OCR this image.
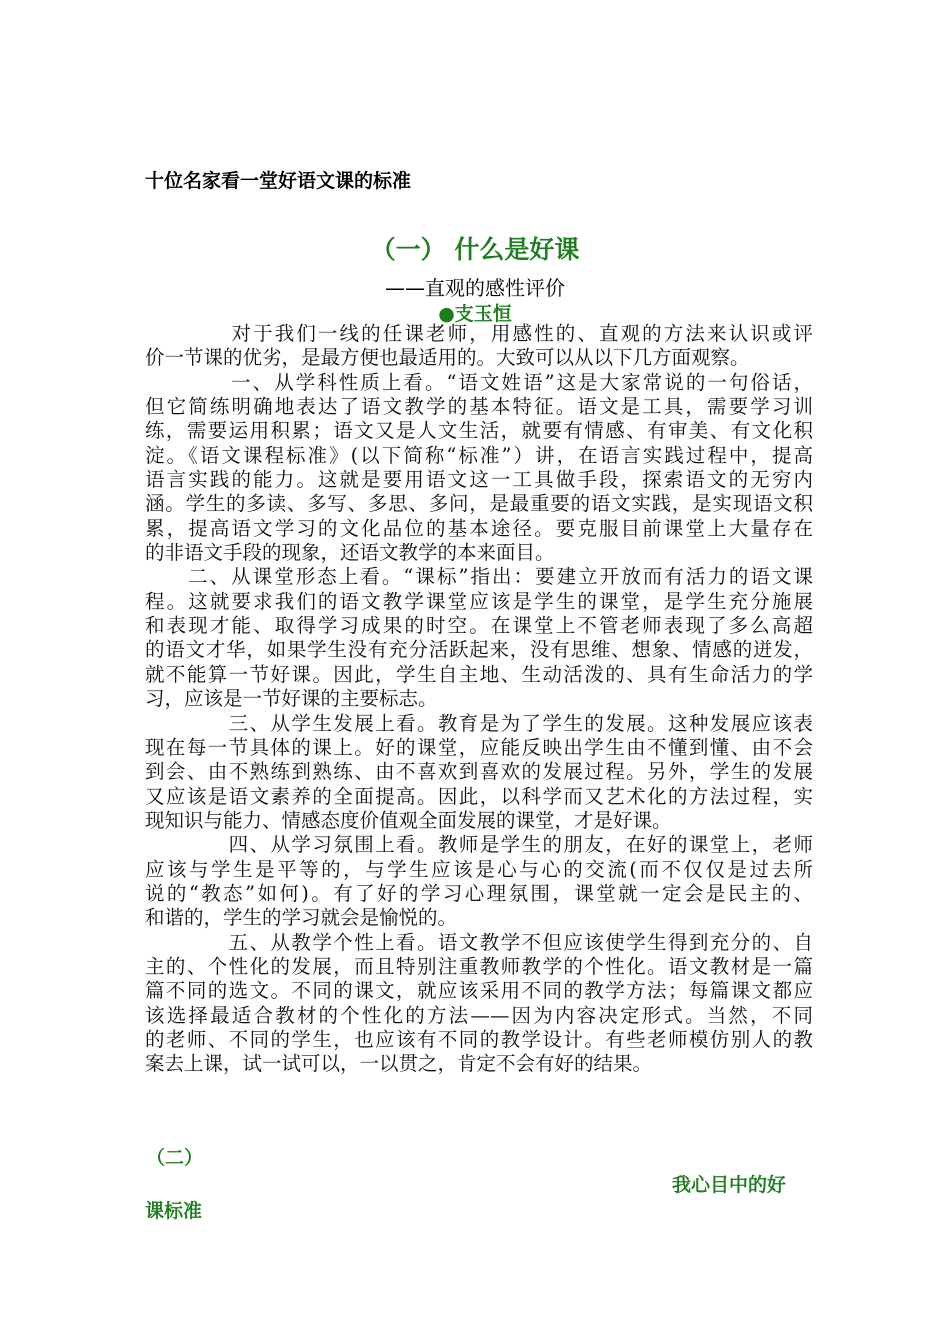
十位名家看一堂好语文课的标准
（一） 什么是好课
——直观的感性评价
●支玉恒
　　　　对于我们一线的任课老师，用感性的、直观的方法来认识或评
价一节课的优劣，是最方便也最适用的。大致可以从以下几方面观察。
　　　　一、从学科性质上看。“语文姓语”这是大家常说的一句俗话，
但它简练明确地表达了语文教学的基本特征。语文是工具，需要学习训
练，需要运用积累；语文又是人文生活，就要有情感、有审美、有文化积
淀。《语文课程标准》(以下简称“标准”）讲，在语言实践过程中，提高
语言实践的能力。这就是要用语文这一工具做手段，探索语文的无穷内
涵。学生的多读、多写、多思、多问，是最重要的语文实践，是实现语文积
累，提高语文学习的文化品位的基本途径。要克服目前课堂上大量存在
的非语文手段的现象，还语文教学的本来面目。
　　二、从课堂形态上看。“课标”指出：要建立开放而有活力的语文课
程。这就要求我们的语文教学课堂应该是学生的课堂，是学生充分施展
和表现才能、取得学习成果的时空。在课堂上不管老师表现了多么高超
的语文才华，如果学生没有充分活跃起来，没有思维、想象、情感的迸发，
就不能算一节好课。因此，学生自主地、生动活泼的、具有生命活力的学
习，应该是一节好课的主要标志。
　　　　三、从学生发展上看。教育是为了学生的发展。这种发展应该表
现在每一节具体的课上。好的课堂，应能反映出学生由不懂到懂、由不会
到会、由不熟练到熟练、由不喜欢到喜欢的发展过程。另外，学生的发展
又应该是语文素养的全面提高。因此，以科学而又艺术化的方法过程，实
现知识与能力、情感态度价值观全面发展的课堂，才是好课。
　　　　四、从学习氛围上看。教师是学生的朋友，在好的课堂上，老师
应该与学生是平等的，与学生应该是心与心的交流(而不仅仅是过去所
说的“教态”如何)。有了好的学习心理氛围，课堂就一定会是民主的、
和谐的，学生的学习就会是愉悦的。
　　　　五、从教学个性上看。语文教学不但应该使学生得到充分的、自
主的、个性化的发展，而且特别注重教师教学的个性化。语文教材是一篇
篇不同的选文。不同的课文，就应该采用不同的教学方法；每篇课文都应
该选择最适合教材的个性化的方法——因为内容决定形式。当然，不同
的老师、不同的学生，也应该有不同的教学设计。有些老师模仿别人的教
案去上课，试一试可以，一以贯之，肯定不会有好的结果。
（二）
我心目中的好
课标准
